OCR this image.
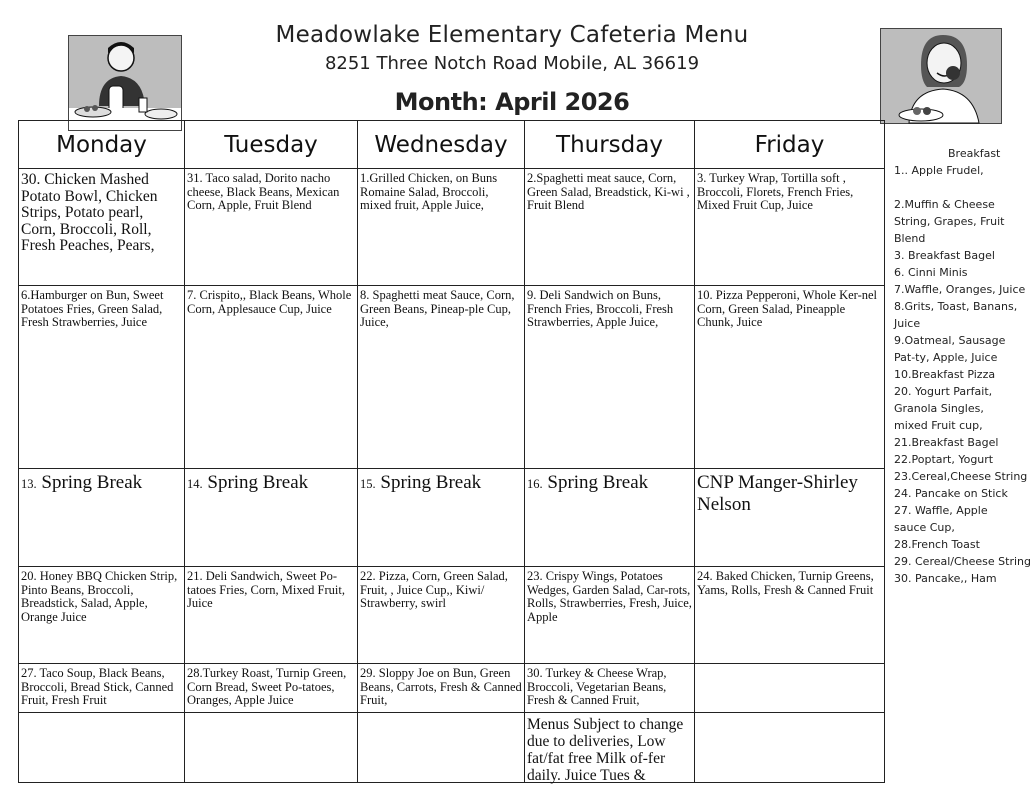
Meadowlake Elementary Cafeteria Menu
8251 Three Notch Road Mobile, AL 36619
Month: April 2026
Monday	Tuesday	Wednesday	Thursday	Friday

30. Chicken Mashed Potato Bowl, Chicken Strips, Potato pearl, Corn, Broccoli, Roll, Fresh Peaches, Pears,	31. Taco salad, Dorito nacho cheese, Black Beans, Mexican Corn, Apple, Fruit Blend	1.Grilled Chicken, on Buns Romaine Salad, Broccoli, mixed fruit, Apple Juice,	2.Spaghetti meat sauce, Corn, Green Salad, Breadstick, Ki-wi , Fruit Blend	3. Turkey Wrap, Tortilla soft , Broccoli, Florets, French Fries, Mixed Fruit Cup, Juice

6.Hamburger on Bun, Sweet Potatoes Fries, Green Salad, Fresh Strawberries, Juice	7. Crispito,, Black Beans, Whole Corn, Applesauce Cup, Juice	8. Spaghetti meat Sauce, Corn, Green Beans, Pineap-ple Cup, Juice,	9. Deli Sandwich on Buns, French Fries, Broccoli, Fresh Strawberries, Apple Juice,	10. Pizza Pepperoni, Whole Ker-nel Corn, Green Salad, Pineapple Chunk, Juice

13. Spring Break	14. Spring Break	15. Spring Break	16. Spring Break	CNP Manger-Shirley Nelson

20. Honey BBQ Chicken Strip, Pinto Beans, Broccoli, Breadstick, Salad, Apple, Orange Juice	21. Deli Sandwich, Sweet Po-tatoes Fries, Corn, Mixed Fruit, Juice	22. Pizza, Corn, Green Salad, Fruit, , Juice Cup,, Kiwi/ Strawberry, swirl	23. Crispy Wings, Potatoes Wedges, Garden Salad, Car-rots, Rolls, Strawberries, Fresh, Juice, Apple	24. Baked Chicken, Turnip Greens, Yams, Rolls, Fresh & Canned Fruit

27. Taco Soup, Black Beans, Broccoli, Bread Stick, Canned Fruit, Fresh Fruit	28.Turkey Roast, Turnip Green, Corn Bread, Sweet Po-tatoes, Oranges, Apple Juice	29. Sloppy Joe on Bun, Green Beans, Carrots, Fresh & Canned Fruit,	30. Turkey & Cheese Wrap, Broccoli, Vegetarian Beans, Fresh & Canned Fruit,	

			Menus Subject to change due to deliveries, Low fat/fat free Milk of-fer daily. Juice Tues &	

Breakfast
1.. Apple Frudel,
2.Muffin & Cheese String, Grapes, Fruit Blend
3. Breakfast Bagel
6. Cinni Minis
7.Waffle, Oranges, Juice
8.Grits, Toast, Banans, Juice
9.Oatmeal, Sausage Pat-ty, Apple, Juice
10.Breakfast Pizza
20. Yogurt Parfait, Granola Singles, mixed Fruit cup,
21.Breakfast Bagel
22.Poptart, Yogurt
23.Cereal,Cheese String
24. Pancake on Stick
27. Waffle, Apple sauce Cup,
28.French Toast
29. Cereal/Cheese String
30. Pancake,, Ham
